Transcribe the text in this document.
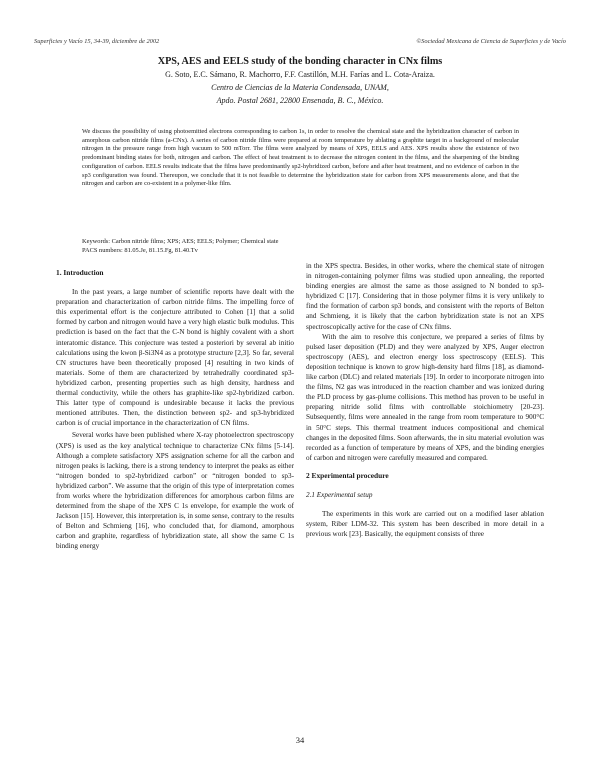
Superficies y Vacío 15, 34-39, diciembre de 2002	©Sociedad Mexicana de Ciencia de Superficies y de Vacío
XPS, AES and EELS study of the bonding character in CNx films
G. Soto, E.C. Sámano, R. Machorro, F.F. Castillón, M.H. Farías and L. Cota-Araiza.
Centro de Ciencias de la Materia Condensada, UNAM,
Apdo. Postal 2681, 22800 Ensenada, B. C., México.
We discuss the possibility of using photoemitted electrons corresponding to carbon 1s, in order to resolve the chemical state and the hybridization character of carbon in amorphous carbon nitride films (a-CNx). A series of carbon nitride films were prepared at room temperature by ablating a graphite target in a background of molecular nitrogen in the pressure range from high vacuum to 500 mTorr. The films were analyzed by means of XPS, EELS and AES. XPS results show the existence of two predominant binding states for both, nitrogen and carbon. The effect of heat treatment is to decrease the nitrogen content in the films, and the sharpening of the binding configuration of carbon. EELS results indicate that the films have predominantly sp2-hybridized carbon, before and after heat treatment, and no evidence of carbon in the sp3 configuration was found. Thereupon, we conclude that it is not feasible to determine the hybridization state for carbon from XPS measurements alone, and that the nitrogen and carbon are co-existent in a polymer-like film.
Keywords: Carbon nitride films; XPS; AES; EELS; Polymer; Chemical state
PACS numbers: 81.05.Je, 81.15.Fg, 81.40.Tv
1. Introduction

In the past years, a large number of scientific reports have dealt with the preparation and characterization of carbon nitride films. The impelling force of this experimental effort is the conjecture attributed to Cohen [1] that a solid formed by carbon and nitrogen would have a very high elastic bulk modulus. This prediction is based on the fact that the C-N bond is highly covalent with a short interatomic distance. This conjecture was tested a posteriori by several ab initio calculations using the kwon β-Si3N4 as a prototype structure [2,3]. So far, several CN structures have been theoretically proposed [4] resulting in two kinds of materials. Some of them are characterized by tetrahedrally coordinated sp3-hybridized carbon, presenting properties such as high density, hardness and thermal conductivity, while the others has graphite-like sp2-hybridized carbon. This latter type of compound is undesirable because it lacks the previous mentioned attributes. Then, the distinction between sp2- and sp3-hybridized carbon is of crucial importance in the characterization of CN films.

Several works have been published where X-ray photoelectron spectroscopy (XPS) is used as the key analytical technique to characterize CNx films [5-14]. Although a complete satisfactory XPS assignation scheme for all the carbon and nitrogen peaks is lacking, there is a strong tendency to interpret the peaks as either “nitrogen bonded to sp2-hybridized carbon” or “nitrogen bonded to sp3-hybridized carbon”. We assume that the origin of this type of interpretation comes from works where the hybridization differences for amorphous carbon films are determined from the shape of the XPS C 1s envelope, for example the work of Jackson [15]. However, this interpretation is, in some sense, contrary to the results of Belton and Schmieng [16], who concluded that, for diamond, amorphous carbon and graphite, regardless of hybridization state, all show the same C 1s binding energy

in the XPS spectra. Besides, in other works, where the chemical state of nitrogen in nitrogen-containing polymer films was studied upon annealing, the reported binding energies are almost the same as those assigned to N bonded to sp3-hybridized C [17]. Considering that in those polymer films it is very unlikely to find the formation of carbon sp3 bonds, and consistent with the reports of Belton and Schmieng, it is likely that the carbon hybridization state is not an XPS spectroscopically active for the case of CNx films.

With the aim to resolve this conjecture, we prepared a series of films by pulsed laser deposition (PLD) and they were analyzed by XPS, Auger electron spectroscopy (AES), and electron energy loss spectroscopy (EELS). This deposition technique is known to grow high-density hard films [18], as diamond-like carbon (DLC) and related materials [19]. In order to incorporate nitrogen into the films, N2 gas was introduced in the reaction chamber and was ionized during the PLD process by gas-plume collisions. This method has proven to be useful in preparing nitride solid films with controllable stoichiometry [20-23]. Subsequently, films were annealed in the range from room temperature to 900°C in 50°C steps. This thermal treatment induces compositional and chemical changes in the deposited films. Soon afterwards, the in situ material evolution was recorded as a function of temperature by means of XPS, and the binding energies of carbon and nitrogen were carefully measured and compared.

2 Experimental procedure
2.1 Experimental setup

The experiments in this work are carried out on a modified laser ablation system, Riber LDM-32. This system has been described in more detail in a previous work [23]. Basically, the equipment consists of three

34
